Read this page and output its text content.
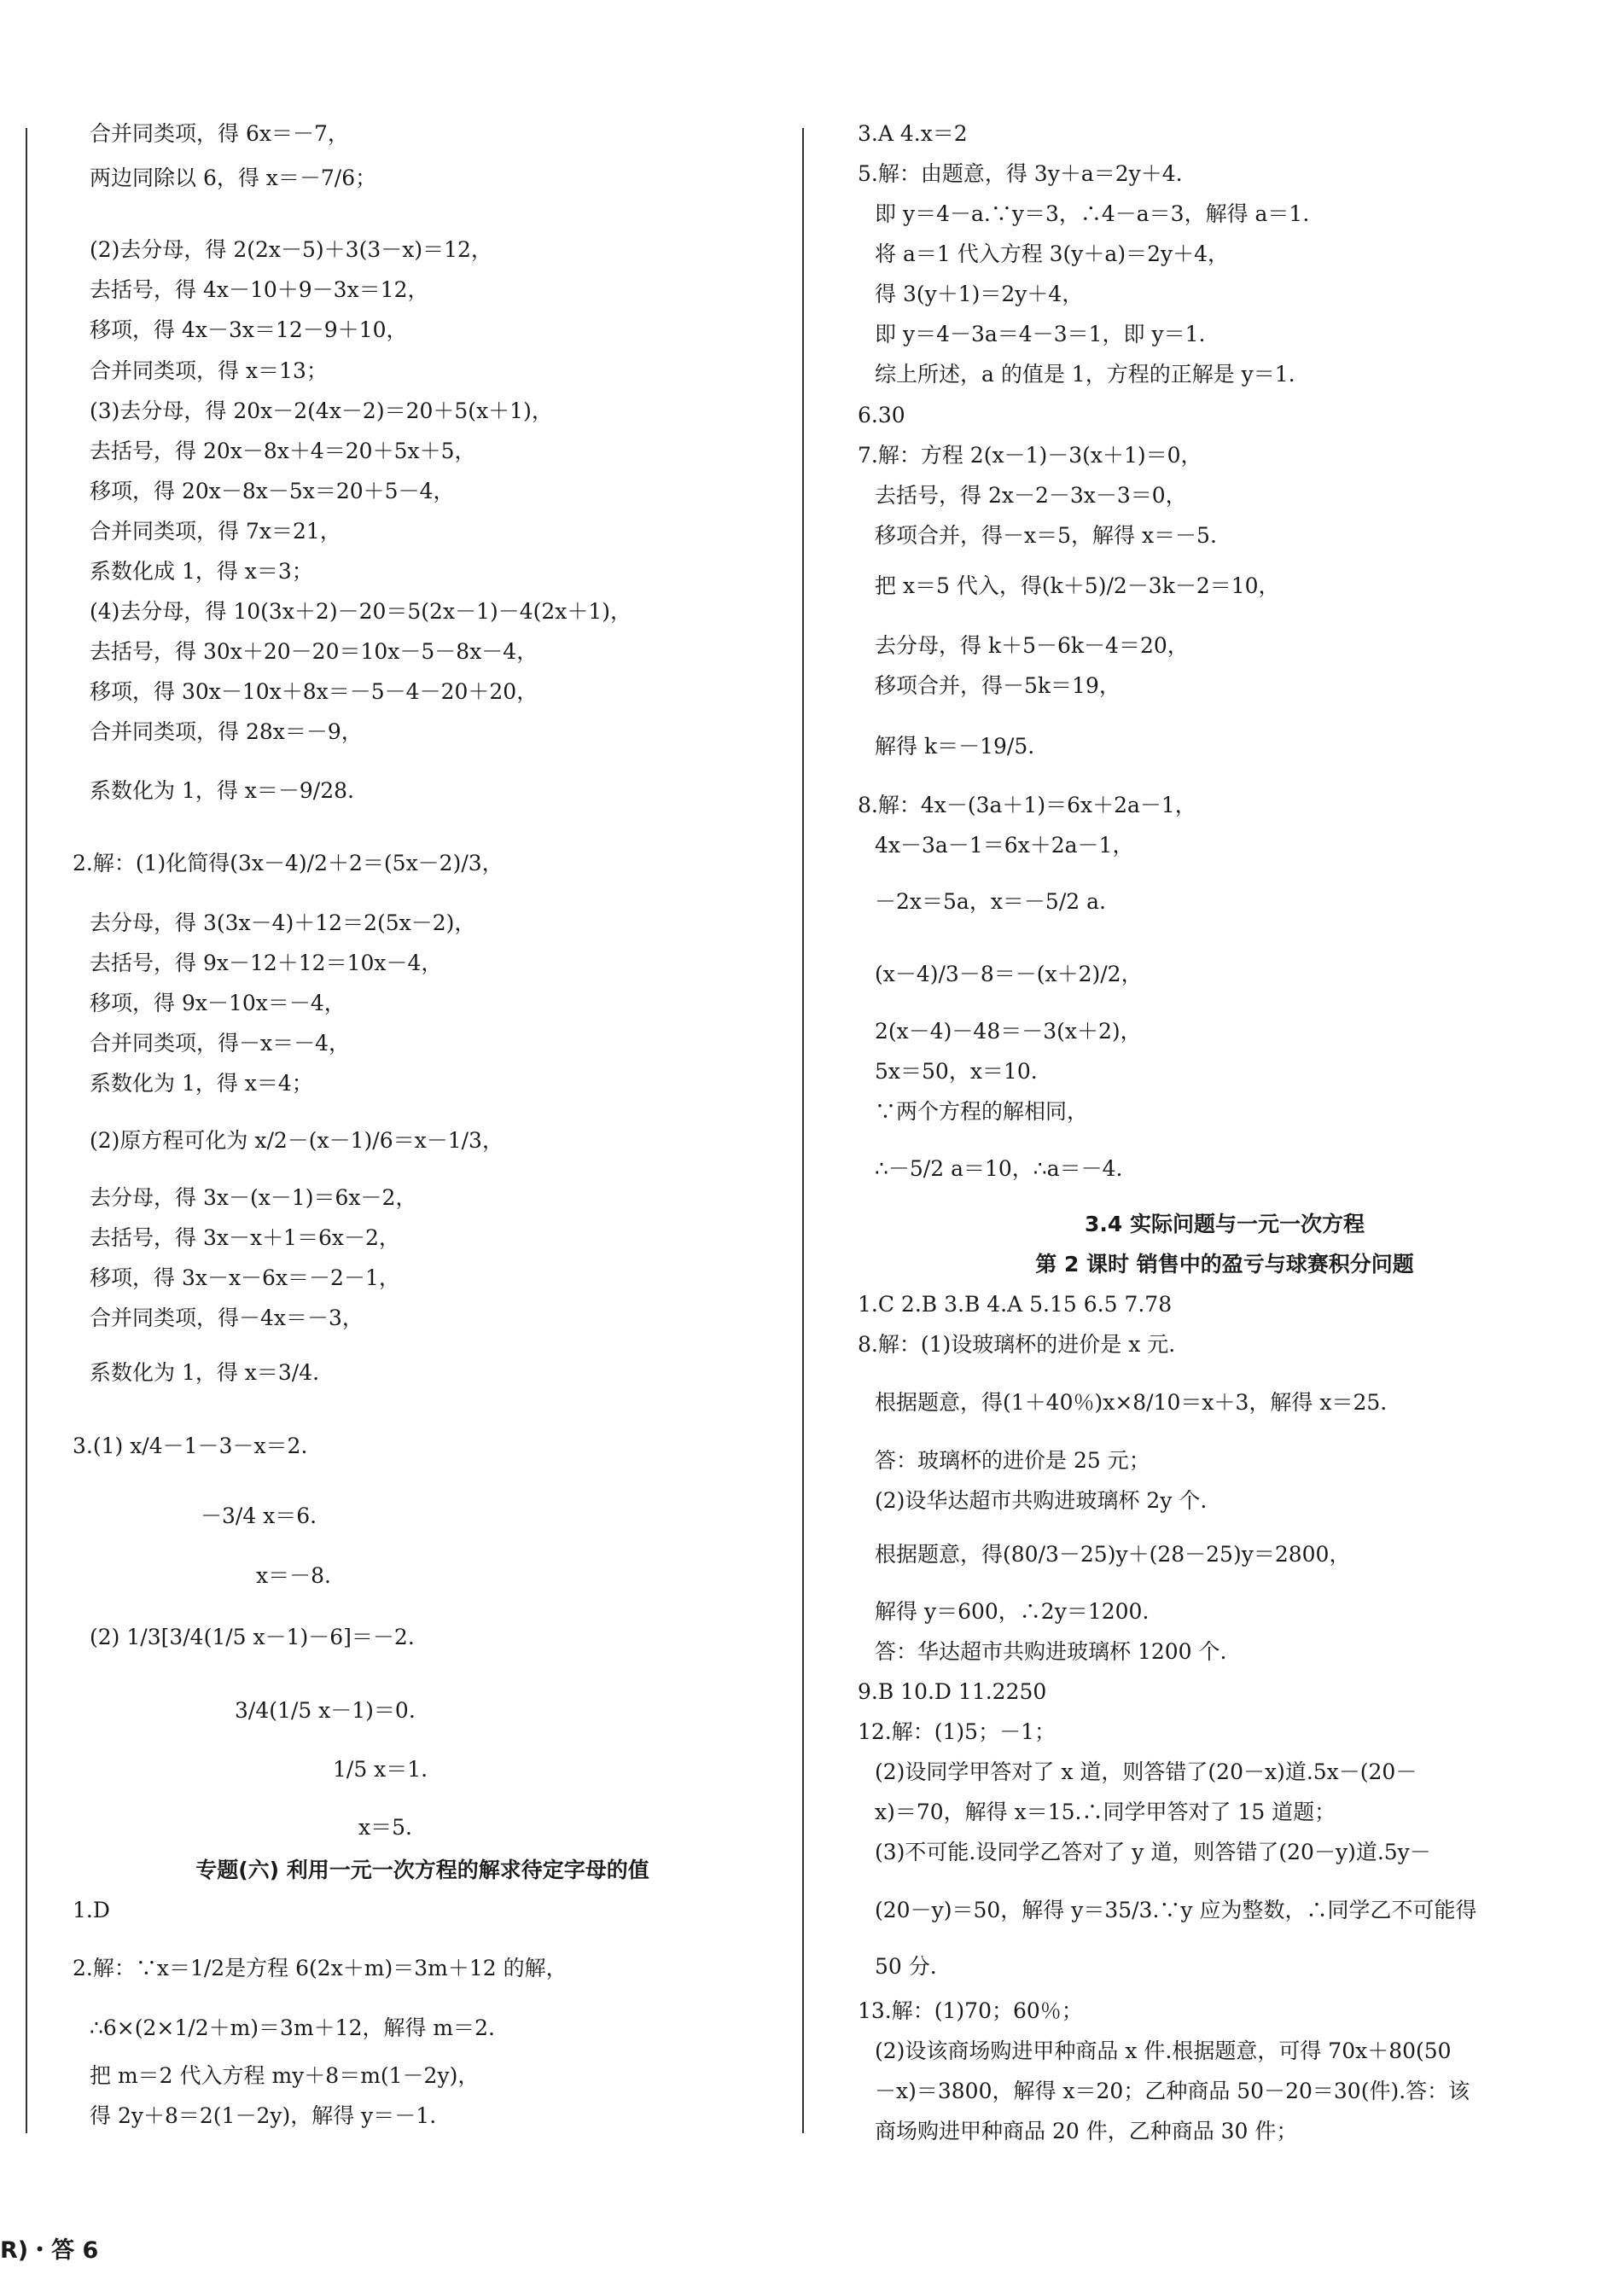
合并同类项，得 6x＝－7，
两边同除以 6，得 x＝－7/6；
(2)去分母，得 2(2x－5)＋3(3－x)＝12，
去括号，得 4x－10＋9－3x＝12，
移项，得 4x－3x＝12－9＋10，
合并同类项，得 x＝13；
(3)去分母，得 20x－2(4x－2)＝20＋5(x＋1)，
去括号，得 20x－8x＋4＝20＋5x＋5，
移项，得 20x－8x－5x＝20＋5－4，
合并同类项，得 7x＝21，
系数化成 1，得 x＝3；
(4)去分母，得 10(3x＋2)－20＝5(2x－1)－4(2x＋1)，
去括号，得 30x＋20－20＝10x－5－8x－4，
移项，得 30x－10x＋8x＝－5－4－20＋20，
合并同类项，得 28x＝－9，
系数化为 1，得 x＝－9/28.
2.解：(1)化简得(3x－4)/2＋2＝(5x－2)/3，
去分母，得 3(3x－4)＋12＝2(5x－2)，
去括号，得 9x－12＋12＝10x－4，
移项，得 9x－10x＝－4，
合并同类项，得－x＝－4，
系数化为 1，得 x＝4；
(2)原方程可化为 x/2－(x－1)/6＝x－1/3，
去分母，得 3x－(x－1)＝6x－2，
去括号，得 3x－x＋1＝6x－2，
移项，得 3x－x－6x＝－2－1，
合并同类项，得－4x＝－3，
系数化为 1，得 x＝3/4.
3.(1) x/4－1－3－x＝2.
－3/4 x＝6.
x＝－8.
(2) 1/3[3/4(1/5 x－1)－6]＝－2.
3/4(1/5 x－1)＝0.
1/5 x＝1.
x＝5.
专题(六) 利用一元一次方程的解求待定字母的值
1.D
2.解：∵x＝1/2是方程 6(2x＋m)＝3m＋12 的解，
∴6×(2×1/2＋m)＝3m＋12，解得 m＝2.
把 m＝2 代入方程 my＋8＝m(1－2y)，
得 2y＋8＝2(1－2y)，解得 y＝－1.
3.A 4.x＝2
5.解：由题意，得 3y＋a＝2y＋4.
即 y＝4－a.∵y＝3，∴4－a＝3，解得 a＝1.
将 a＝1 代入方程 3(y＋a)＝2y＋4，
得 3(y＋1)＝2y＋4，
即 y＝4－3a＝4－3＝1，即 y＝1.
综上所述，a 的值是 1，方程的正解是 y＝1.
6.30
7.解：方程 2(x－1)－3(x＋1)＝0，
去括号，得 2x－2－3x－3＝0，
移项合并，得－x＝5，解得 x＝－5.
把 x＝5 代入，得(k＋5)/2－3k－2＝10，
去分母，得 k＋5－6k－4＝20，
移项合并，得－5k＝19，
解得 k＝－19/5.
8.解：4x－(3a＋1)＝6x＋2a－1，
4x－3a－1＝6x＋2a－1，
－2x＝5a，x＝－5/2 a.
(x－4)/3－8＝－(x＋2)/2，
2(x－4)－48＝－3(x＋2)，
5x＝50，x＝10.
∵两个方程的解相同，
∴－5/2 a＝10，∴a＝－4.
3.4 实际问题与一元一次方程
第 2 课时 销售中的盈亏与球赛积分问题
1.C 2.B 3.B 4.A 5.15 6.5 7.78
8.解：(1)设玻璃杯的进价是 x 元.
根据题意，得(1＋40％)x×8/10＝x＋3，解得 x＝25.
答：玻璃杯的进价是 25 元；
(2)设华达超市共购进玻璃杯 2y 个.
根据题意，得(80/3－25)y＋(28－25)y＝2800，
解得 y＝600，∴2y＝1200.
答：华达超市共购进玻璃杯 1200 个.
9.B 10.D 11.2250
12.解：(1)5；－1；
(2)设同学甲答对了 x 道，则答错了(20－x)道.5x－(20－
x)＝70，解得 x＝15.∴同学甲答对了 15 道题；
(3)不可能.设同学乙答对了 y 道，则答错了(20－y)道.5y－
(20－y)＝50，解得 y＝35/3.∵y 应为整数，∴同学乙不可能得
50 分.
13.解：(1)70；60％；
(2)设该商场购进甲种商品 x 件.根据题意，可得 70x＋80(50
－x)＝3800，解得 x＝20；乙种商品 50－20＝30(件).答：该
商场购进甲种商品 20 件，乙种商品 30 件；
R)・答 6
